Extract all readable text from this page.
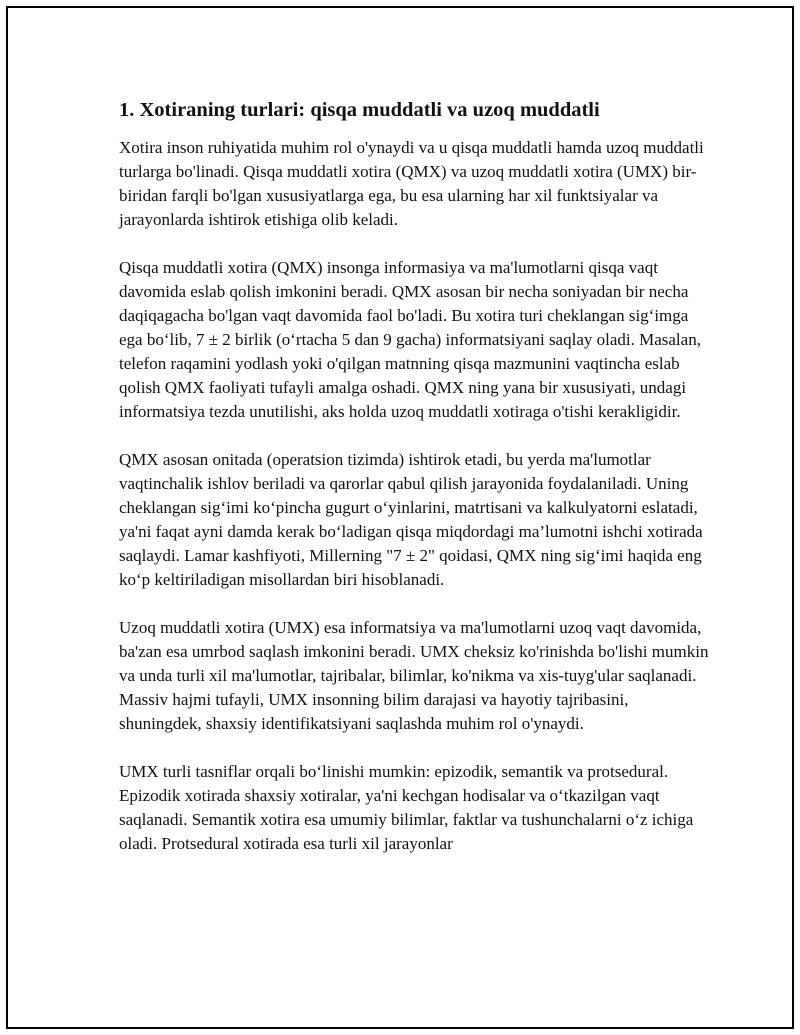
1. Xotiraning turlari: qisqa muddatli va uzoq muddatli

Xotira inson ruhiyatida muhim rol o'ynaydi va u qisqa muddatli hamda uzoq muddatli turlarga bo'linadi. Qisqa muddatli xotira (QMX) va uzoq muddatli xotira (UMX) bir-biridan farqli bo'lgan xususiyatlarga ega, bu esa ularning har xil funktsiyalar va jarayonlarda ishtirok etishiga olib keladi.

Qisqa muddatli xotira (QMX) insonga informasiya va ma'lumotlarni qisqa vaqt davomida eslab qolish imkonini beradi. QMX asosan bir necha soniyadan bir necha daqiqagacha bo'lgan vaqt davomida faol bo'ladi. Bu xotira turi cheklangan sig‘imga ega bo‘lib, 7 ± 2 birlik (o‘rtacha 5 dan 9 gacha) informatsiyani saqlay oladi. Masalan, telefon raqamini yodlash yoki o'qilgan matnning qisqa mazmunini vaqtincha eslab qolish QMX faoliyati tufayli amalga oshadi. QMX ning yana bir xususiyati, undagi informatsiya tezda unutilishi, aks holda uzoq muddatli xotiraga o'tishi kerakligidir.

QMX asosan onitada (operatsion tizimda) ishtirok etadi, bu yerda ma'lumotlar vaqtinchalik ishlov beriladi va qarorlar qabul qilish jarayonida foydalaniladi. Uning cheklangan sig‘imi ko‘pincha gugurt o‘yinlarini, matrtisani va kalkulyatorni eslatadi, ya'ni faqat ayni damda kerak bo‘ladigan qisqa miqdordagi ma’lumotni ishchi xotirada saqlaydi. Lamar kashfiyoti, Millerning "7 ± 2" qoidasi, QMX ning sig‘imi haqida eng ko‘p keltiriladigan misollardan biri hisoblanadi.

Uzoq muddatli xotira (UMX) esa informatsiya va ma'lumotlarni uzoq vaqt davomida, ba'zan esa umrbod saqlash imkonini beradi. UMX cheksiz ko'rinishda bo'lishi mumkin va unda turli xil ma'lumotlar, tajribalar, bilimlar, ko'nikma va xis-tuyg'ular saqlanadi. Massiv hajmi tufayli, UMX insonning bilim darajasi va hayotiy tajribasini, shuningdek, shaxsiy identifikatsiyani saqlashda muhim rol o'ynaydi.

UMX turli tasniflar orqali bo‘linishi mumkin: epizodik, semantik va protsedural. Epizodik xotirada shaxsiy xotiralar, ya'ni kechgan hodisalar va o‘tkazilgan vaqt saqlanadi. Semantik xotira esa umumiy bilimlar, faktlar va tushunchalarni o‘z ichiga oladi. Protsedural xotirada esa turli xil jarayonlar
